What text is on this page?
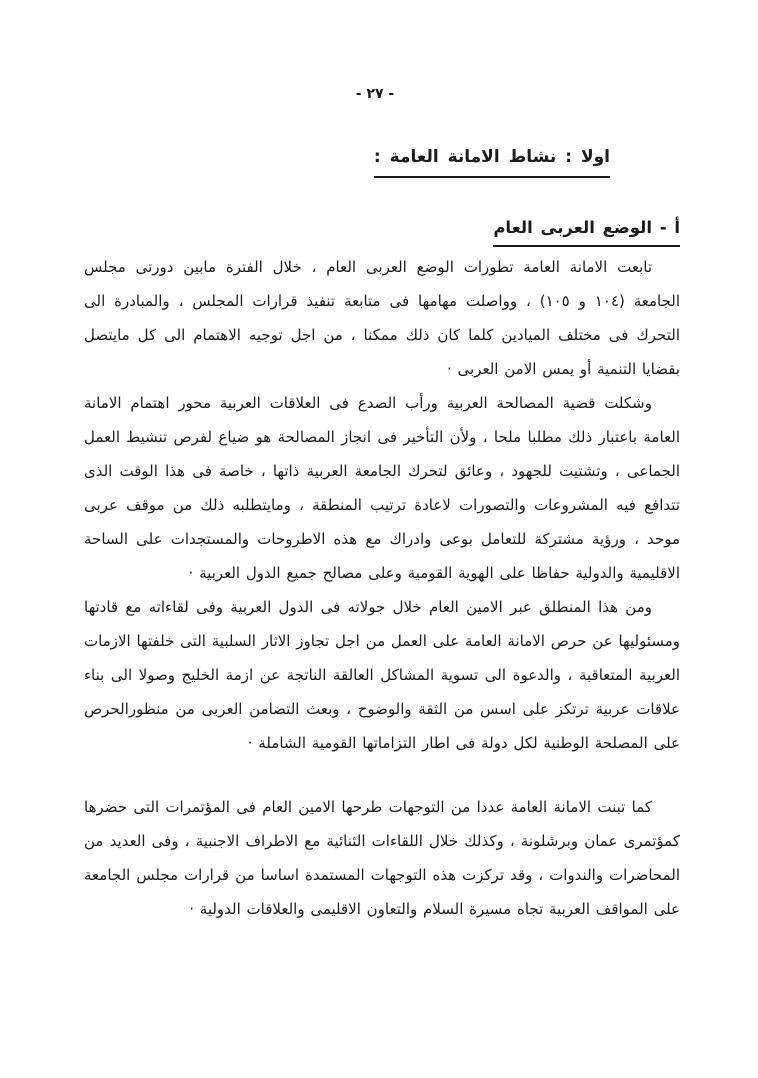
- ٢٧ -
اولا : نشاط الامانة العامة :
أ - الوضع العربى العام

تابعت الامانة العامة تطورات الوضع العربى العام ، خلال الفترة مابين دورتى مجلس الجامعة (١٠٤ و ١٠٥) ، وواصلت مهامها فى متابعة تنفيذ قرارات المجلس ، والمبادرة الى التحرك فى مختلف الميادين كلما كان ذلك ممكنا ، من اجل توجيه الاهتمام الى كل مايتصل بقضايا التنمية أو يمس الامن العربى ·

وشكلت قضية المصالحة العربية ورأب الصدع فى العلاقات العربية محور اهتمام الامانة العامة باعتبار ذلك مطلبا ملحا ، ولأن التأخير فى انجاز المصالحة هو ضياع لفرص تنشيط العمل الجماعى ، وتشتيت للجهود ، وعائق لتحرك الجامعة العربية ذاتها ، خاصة فى هذا الوقت الذى تتدافع فيه المشروعات والتصورات لاعادة ترتيب المنطقة ، ومايتطلبه ذلك من موقف عربى موحد ، ورؤية مشتركة للتعامل بوعى وادراك مع هذه الاطروحات والمستجدات على الساحة الاقليمية والدولية حفاظا على الهوية القومية وعلى مصالح جميع الدول العربية ·

ومن هذا المنطلق عبر الامين العام خلال جولاته فى الدول العربية وفى لقاءاته مع قادتها ومسئوليها عن حرص الامانة العامة على العمل من اجل تجاوز الاثار السلبية التى خلفتها الازمات العربية المتعاقبة ، والدعوة الى تسوية المشاكل العالقة الناتجة عن ازمة الخليج وصولا الى بناء علاقات عربية ترتكز على اسس من الثقة والوضوح ، وبعث التضامن العربى من منظورالحرص على المصلحة الوطنية لكل دولة فى اطار التزاماتها القومية الشاملة ·

كما تبنت الامانة العامة عددا من التوجهات طرحها الامين العام فى المؤتمرات التى حضرها كمؤتمرى عمان وبرشلونة ، وكذلك خلال اللقاءات الثنائية مع الاطراف الاجنبية ، وفى العديد من المحاضرات والندوات ، وقد تركزت هذه التوجهات المستمدة اساسا من قرارات مجلس الجامعة على المواقف العربية تجاه مسيرة السلام والتعاون الاقليمى والعلاقات الدولية ·
